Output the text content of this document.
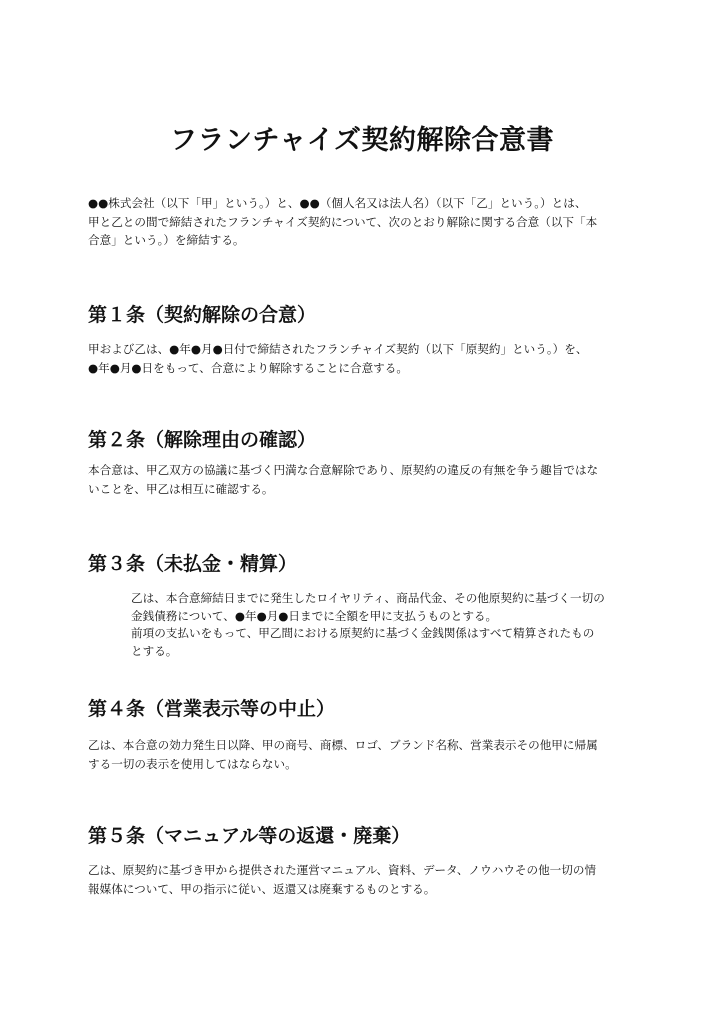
フランチャイズ契約解除合意書
●●株式会社（以下「甲」という。）と、●●（個人名又は法人名）（以下「乙」という。）とは、
甲と乙との間で締結されたフランチャイズ契約について、次のとおり解除に関する合意（以下「本
合意」という。）を締結する。
第１条（契約解除の合意）
甲および乙は、●年●月●日付で締結されたフランチャイズ契約（以下「原契約」という。）を、
●年●月●日をもって、合意により解除することに合意する。
第２条（解除理由の確認）
本合意は、甲乙双方の協議に基づく円満な合意解除であり、原契約の違反の有無を争う趣旨ではな
いことを、甲乙は相互に確認する。
第３条（未払金・精算）
乙は、本合意締結日までに発生したロイヤリティ、商品代金、その他原契約に基づく一切の
金銭債務について、●年●月●日までに全額を甲に支払うものとする。
前項の支払いをもって、甲乙間における原契約に基づく金銭関係はすべて精算されたもの
とする。
第４条（営業表示等の中止）
乙は、本合意の効力発生日以降、甲の商号、商標、ロゴ、ブランド名称、営業表示その他甲に帰属
する一切の表示を使用してはならない。
第５条（マニュアル等の返還・廃棄）
乙は、原契約に基づき甲から提供された運営マニュアル、資料、データ、ノウハウその他一切の情
報媒体について、甲の指示に従い、返還又は廃棄するものとする。
